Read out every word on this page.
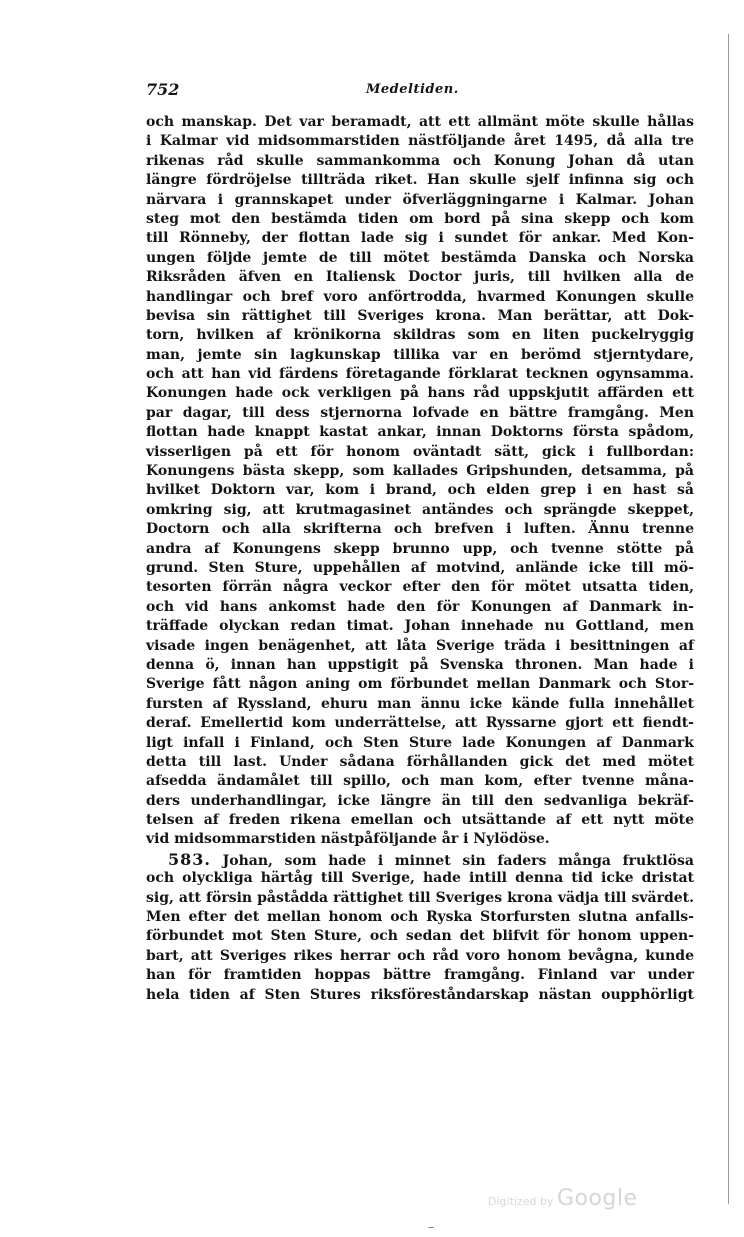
752	Medeltiden.
och manskap. Det var beramadt, att ett allmänt möte skulle hållas
i Kalmar vid midsommarstiden nästföljande året 1495, då alla tre
rikenas råd skulle sammankomma och Konung Johan då utan
längre fördröjelse tillträda riket. Han skulle sjelf infinna sig och
närvara i grannskapet under öfverläggningarne i Kalmar. Johan
steg mot den bestämda tiden om bord på sina skepp och kom
till Rönneby, der flottan lade sig i sundet för ankar. Med Kon-
ungen följde jemte de till mötet bestämda Danska och Norska
Riksråden äfven en Italiensk Doctor juris, till hvilken alla de
handlingar och bref voro anförtrodda, hvarmed Konungen skulle
bevisa sin rättighet till Sveriges krona. Man berättar, att Dok-
torn, hvilken af krönikorna skildras som en liten puckelryggig
man, jemte sin lagkunskap tillika var en berömd stjerntydare,
och att han vid färdens företagande förklarat tecknen ogynsamma.
Konungen hade ock verkligen på hans råd uppskjutit affärden ett
par dagar, till dess stjernorna lofvade en bättre framgång. Men
flottan hade knappt kastat ankar, innan Doktorns första spådom,
visserligen på ett för honom oväntadt sätt, gick i fullbordan:
Konungens bästa skepp, som kallades Gripshunden, detsamma, på
hvilket Doktorn var, kom i brand, och elden grep i en hast så
omkring sig, att krutmagasinet antändes och sprängde skeppet,
Doctorn och alla skrifterna och brefven i luften. Ännu trenne
andra af Konungens skepp brunno upp, och tvenne stötte på
grund. Sten Sture, uppehållen af motvind, anlände icke till mö-
tesorten förrän några veckor efter den för mötet utsatta tiden,
och vid hans ankomst hade den för Konungen af Danmark in-
träffade olyckan redan timat. Johan innehade nu Gottland, men
visade ingen benägenhet, att låta Sverige träda i besittningen af
denna ö, innan han uppstigit på Svenska thronen. Man hade i
Sverige fått någon aning om förbundet mellan Danmark och Stor-
fursten af Ryssland, ehuru man ännu icke kände fulla innehållet
deraf. Emellertid kom underrättelse, att Ryssarne gjort ett fiendt-
ligt infall i Finland, och Sten Sture lade Konungen af Danmark
detta till last. Under sådana förhållanden gick det med mötet
afsedda ändamålet till spillo, och man kom, efter tvenne måna-
ders underhandlingar, icke längre än till den sedvanliga bekräf-
telsen af freden rikena emellan och utsättande af ett nytt möte
vid midsommarstiden nästpåföljande år i Nylödöse.
583. Johan, som hade i minnet sin faders många fruktlösa
och olyckliga härtåg till Sverige, hade intill denna tid icke dristat
sig, att försin påstådda rättighet till Sveriges krona vädja till svärdet.
Men efter det mellan honom och Ryska Storfursten slutna anfalls-
förbundet mot Sten Sture, och sedan det blifvit för honom uppen-
bart, att Sveriges rikes herrar och råd voro honom bevågna, kunde
han för framtiden hoppas bättre framgång. Finland var under
hela tiden af Sten Stures riksföreståndarskap nästan oupphörligt
Digitized by Google
–
